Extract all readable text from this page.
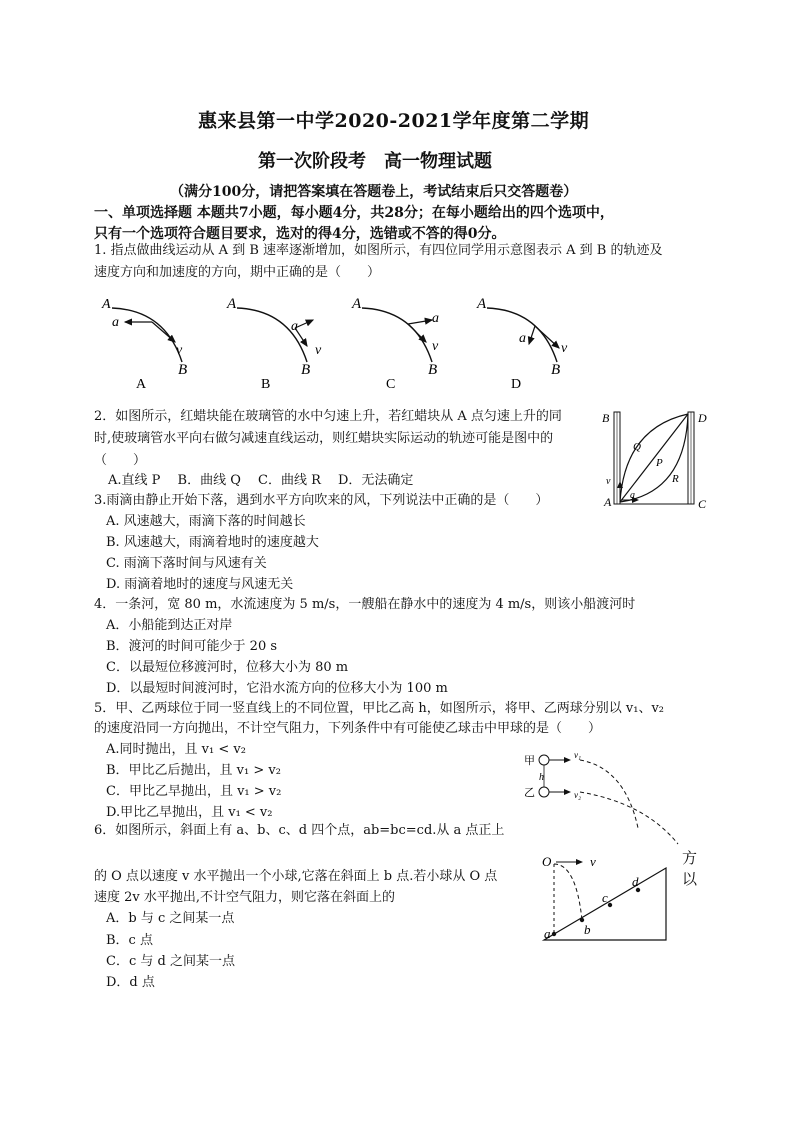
惠来县第一中学2020-2021学年度第二学期
第一次阶段考　高一物理试题
（满分100分，请把答案填在答题卷上，考试结束后只交答题卷）
一、单项选择题 本题共7小题，每小题4分，共28分；在每小题给出的四个选项中，
只有一个选项符合题目要求，选对的得4分，选错或不答的得0分。
1. 指点做曲线运动从 A 到 B 速率逐渐增加，如图所示，有四位同学用示意图表示 A 到 B 的轨迹及
速度方向和加速度的方向，期中正确的是（　　）
A
a
v
B
A
A
a
v
B
B
A
a
v
B
C
A
a
v
B
D
2．如图所示，红蜡块能在玻璃管的水中匀速上升，若红蜡块从 A 点匀速上升的同
时,使玻璃管水平向右做匀减速直线运动，则红蜡块实际运动的轨迹可能是图中的
（　　）
A.直线 P　 B．曲线 Q　 C．曲线 R　 D．无法确定
B	D
Q
P
R
v
A a
C
3.雨滴由静止开始下落，遇到水平方向吹来的风，下列说法中正确的是（　　）
A. 风速越大，雨滴下落的时间越长
B. 风速越大，雨滴着地时的速度越大
C. 雨滴下落时间与风速有关
D. 雨滴着地时的速度与风速无关
4．一条河，宽 80 m，水流速度为 5 m/s，一艘船在静水中的速度为 4 m/s，则该小船渡河时
A．小船能到达正对岸
B．渡河的时间可能少于 20 s
C．以最短位移渡河时，位移大小为 80 m
D．以最短时间渡河时，它沿水流方向的位移大小为 100 m
5．甲、乙两球位于同一竖直线上的不同位置，甲比乙高 h，如图所示，将甲、乙两球分别以 v₁、v₂
的速度沿同一方向抛出，不计空气阻力，下列条件中有可能使乙球击中甲球的是（　　）
A.同时抛出，且 v₁ < v₂
B．甲比乙后抛出，且 v₁ > v₂
C．甲比乙早抛出，且 v₁ > v₂
D.甲比乙早抛出，且 v₁ < v₂
甲
乙
h
v₁
v₂
6．如图所示，斜面上有 a、b、c、d 四个点，ab=bc=cd.从 a 点正上
方
以
的 O 点以速度 v 水平抛出一个小球,它落在斜面上 b 点.若小球从 O 点
速度 2v 水平抛出,不计空气阻力，则它落在斜面上的
A．b 与 c 之间某一点
B．c 点
C．c 与 d 之间某一点
D．d 点
O	v
a	b
c
d
